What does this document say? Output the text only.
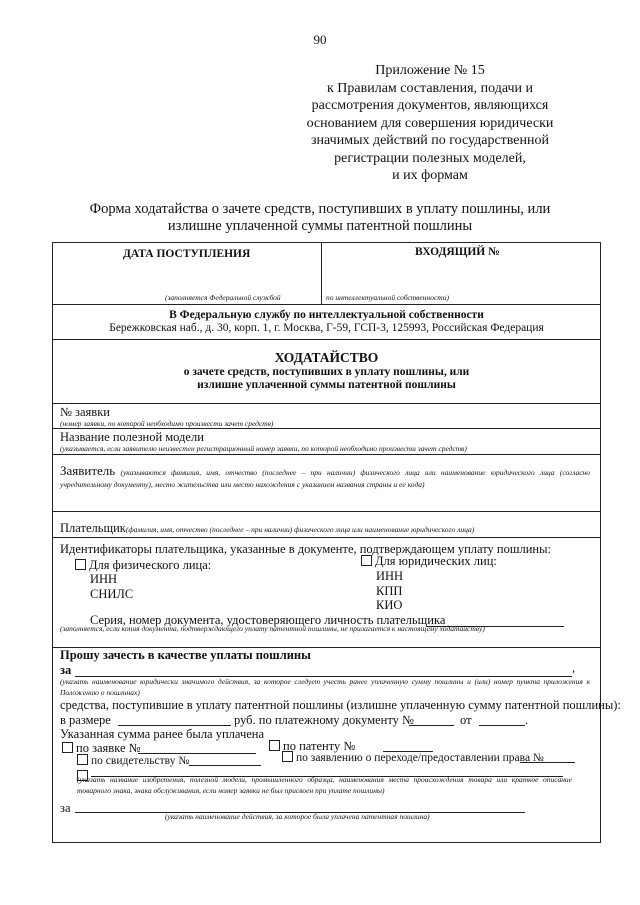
90
Приложение № 15
к Правилам составления, подачи и
рассмотрения документов, являющихся
основанием для совершения юридически
значимых действий по государственной
регистрации полезных моделей,
и их формам
Форма ходатайства о зачете средств, поступивших в уплату пошлины, или
излишне уплаченной суммы патентной пошлины
ДАТА ПОСТУПЛЕНИЯ	ВХОДЯЩИЙ №
(заполняется Федеральной службой	по интеллектуальной собственности)
В Федеральную службу по интеллектуальной собственности
Бережковская наб., д. 30, корп. 1, г. Москва, Г-59, ГСП-3, 125993, Российская Федерация
ХОДАТАЙСТВО
о зачете средств, поступивших в уплату пошлины, или
излишне уплаченной суммы патентной пошлины
№ заявки
(номер заявки, по которой необходимо произвести зачет средств)
Название полезной модели
(указывается, если заявителю неизвестен регистрационный номер заявки, по которой необходимо произвести зачет средств)
Заявитель (указываются фамилия, имя, отчество (последнее – при наличии) физического лица или наименование юридического лица (согласно учредительному документу), место жительства или место нахождения с указанием названия страны и ее кода)
Плательщик(фамилия, имя, отчество (последнее – при наличии) физического лица или наименование юридического лица)
Идентификаторы плательщика, указанные в документе, подтверждающем уплату пошлины:
Для физического лица:	Для юридических лиц:
ИНН
СНИЛС
ИНН
КПП
КИО
Серия, номер документа, удостоверяющего личность плательщика
(заполняется, если копия документа, подтверждающего уплату патентной пошлины, не прилагается к настоящему ходатайству)
Прошу зачесть в качестве уплаты пошлины
за	,
(указать наименование юридически значимого действия, за которое следует учесть ранее уплаченную сумму пошлины и (или) номер пункта приложения к Положению о пошлинах)
средства, поступившие в уплату патентной пошлины (излишне уплаченную сумму патентной пошлины):
в размере	руб. по платежному документу №	от	.
Указанная сумма ранее была уплачена
по заявке №	по патенту №
по свидетельству №	по заявлению о переходе/предоставлении права №
(указать название изобретения, полезной модели, промышленного образца, наименования места происхождения товара или краткое описание товарного знака, знака обслуживания, если номер заявки не был присвоен при уплате пошлины)
за
(указать наименование действия, за которое была уплачена патентная пошлина)
